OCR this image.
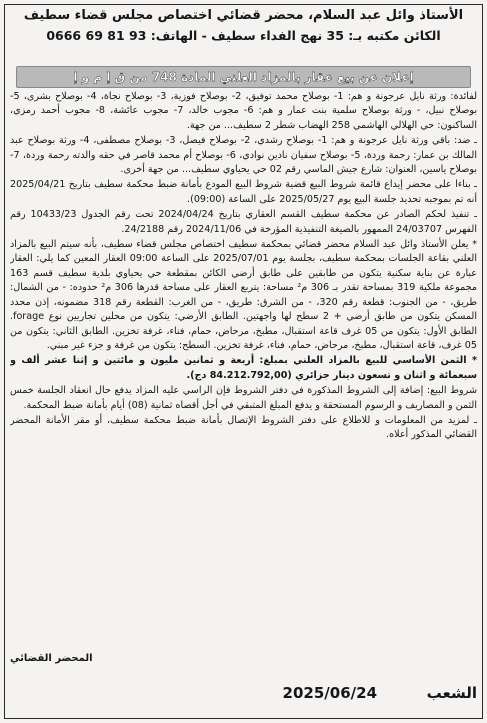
الأستاذ وائل عبد السلام، محضر قضائي اختصاص مجلس قضاء سطيف
الكائن مكتبه بـ: 35 نهج الفداء سطيف - الهاتف: 93 81 69 0666
إعلان عن بيع عقار بالمزاد العلني المادة 748 من ق إ م و إ

لفائدة: ورثة نايل عرجونة و هم: 1- بوصلاح محمد توفيق، 2- بوصلاح فوزية، 3- بوصلاح نجاة، 4- بوصلاح بشرى، 5- بوصلاح نبيل، - ورثة بوصلاح سلمية بنت عمار و هم: 6- مجوب خالد، 7- مجوب عائشة، 8- مجوب أحمد رمزي، الساكنون: حي الهلالي الهاشمي 258 الهضاب شطر 2 سطيف... من جهة.

ـ ضد: باقي ورثة نايل عرجونة و هم: 1- بوصلاح رشدي، 2- بوصلاح فيصل، 3- بوصلاح مصطفى، 4- ورثة بوصلاح عبد المالك بن عمار: رحمة وردة، 5- بوصلاح سفيان نادين نوادي، 6- بوصلاح أم محمد قاصر في حقه والدته رحمة وردة، 7- بوصلاح ياسين، العنوان: شارع جيش الماسي رقم 02 حي يحياوي سطيف... من جهة أخرى.

ـ بناءا على محضر إيداع قائمة شروط البيع قضية شروط البيع المودع بأمانة ضبط محكمة سطيف بتاريخ 2025/04/21 أنه تم بموجبه تحديد جلسة البيع يوم 2025/05/27 على الساعة (09:00).

ـ تنفيذ لحكم الصادر عن محكمة سطيف القسم العقاري بتاريخ 2024/04/24 تحت رقم الجدول 10433/23 رقم الفهرس 24/03707 الممهور بالصيغة التنفيذية المؤرخة في 2024/11/06 رقم 24/2188.

* يعلن الأستاذ وائل عبد السلام محضر قضائي بمحكمة سطيف اختصاص مجلس قضاء سطيف، بأنه سيتم البيع بالمزاد العلني بقاعة الجلسات بمحكمة سطيف، بجلسة يوم 2025/07/01 على الساعة 09:00 العقار المعين كما يلي: العقار عبارة عن بناية سكنية يتكون من طابقين على طابق أرضي الكائن بمقطعة حي يحياوي بلدية سطيف قسم 163 مجموعة ملكية 319 بمساحة تقدر بـ 306 م² مساحة: يتربع العقار على مساحة قدرها 306 م² حدوده: - من الشمال: طريق، - من الجنوب: قطعة رقم 320، - من الشرق: طريق، - من الغرب: القطعة رقم 318 مضمونه، إذن محدد المسكن يتكون من طابق أرضي + 2 سطح لها واجهتين. الطابق الأرضي: يتكون من محلين تجاريين نوع forage. الطابق الأول: يتكون من 05 غرف قاعة استقبال، مطبخ، مرحاض، حمام، فناء، غرفة تخزين. الطابق الثاني: يتكون من 05 غرف، قاعة استقبال، مطبخ، مرحاض، حمام، فناء، غرفة تخزين. السطح: يتكون من غرفة و جزء غير مبني.

* الثمن الأساسي للبيع بالمزاد العلني بمبلغ: أربعة و ثمانين مليون و مائتين و إثنا عشر ألف و سبعمائة و اثنان و تسعون دينار جزائري (84.212.792,00 دج).

شروط البيع: إضافة إلى الشروط المذكورة في دفتر الشروط فإن الراسي عليه المزاد يدفع حال انعقاد الجلسة خمس الثمن و المصاريف و الرسوم المستحقة و يدفع المبلغ المتبقي في أجل أقصاه ثمانية (08) أيام بأمانة ضبط المحكمة.

ـ لمزيد من المعلومات و للاطلاع على دفتر الشروط الإتصال بأمانة ضبط محكمة سطيف، أو مقر الأمانة المحضر القضائي المذكور أعلاه.

المحضر القضائي
الشعب
2025/06/24
